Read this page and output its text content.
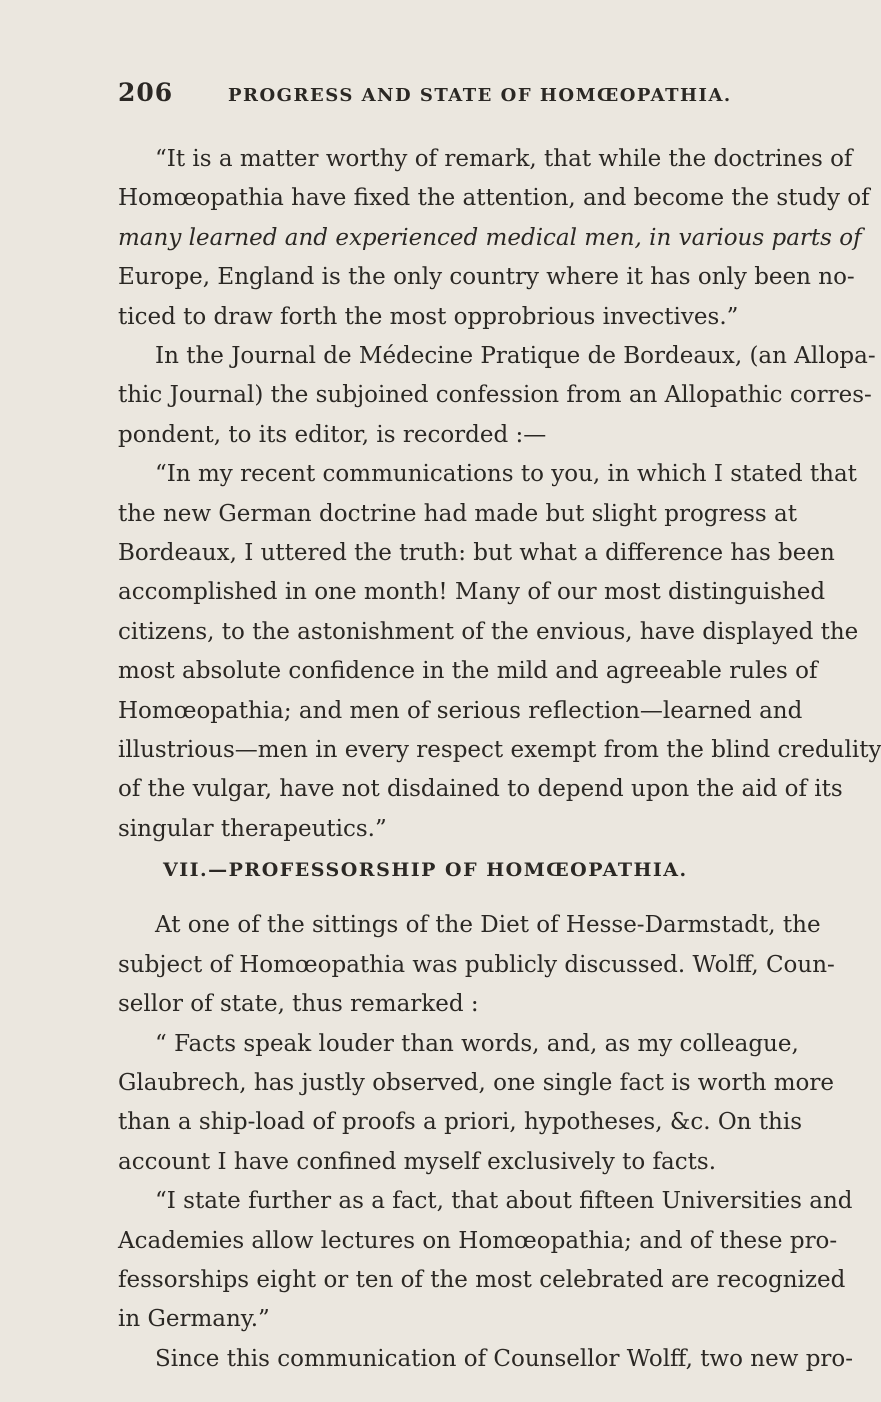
206	PROGRESS AND STATE OF HOMŒOPATHIA.
“It is a matter worthy of remark, that while the doctrines of
Homœopathia have fixed the attention, and become the study of
many learned and experienced medical men, in various parts of
Europe, England is the only country where it has only been no-
ticed to draw forth the most opprobrious invectives.”
In the Journal de Médecine Pratique de Bordeaux, (an Allopa-
thic Journal) the subjoined confession from an Allopathic corres-
pondent, to its editor, is recorded :—
“In my recent communications to you, in which I stated that
the new German doctrine had made but slight progress at
Bordeaux, I uttered the truth: but what a difference has been
accomplished in one month! Many of our most distinguished
citizens, to the astonishment of the envious, have displayed the
most absolute confidence in the mild and agreeable rules of
Homœopathia; and men of serious reflection—learned and
illustrious—men in every respect exempt from the blind credulity
of the vulgar, have not disdained to depend upon the aid of its
singular therapeutics.”
VII.—PROFESSORSHIP OF HOMŒOPATHIA.
At one of the sittings of the Diet of Hesse-Darmstadt, the
subject of Homœopathia was publicly discussed. Wolff, Coun-
sellor of state, thus remarked :
“ Facts speak louder than words, and, as my colleague,
Glaubrech, has justly observed, one single fact is worth more
than a ship-load of proofs a priori, hypotheses, &c. On this
account I have confined myself exclusively to facts.
“I state further as a fact, that about fifteen Universities and
Academies allow lectures on Homœopathia; and of these pro-
fessorships eight or ten of the most celebrated are recognized
in Germany.”
Since this communication of Counsellor Wolff, two new pro-
